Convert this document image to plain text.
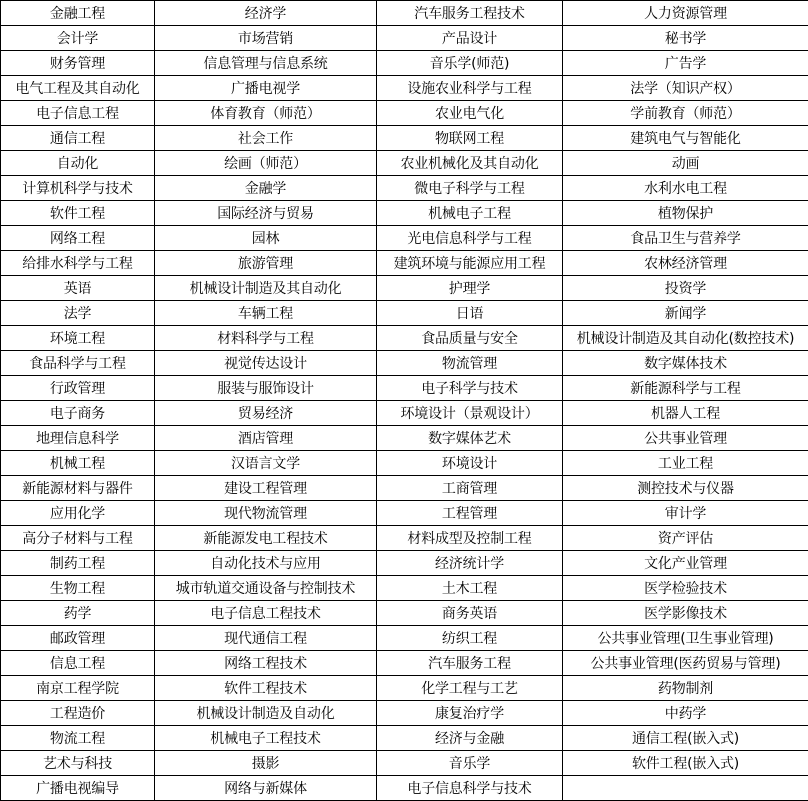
金融工程	经济学	汽车服务工程技术	人力资源管理
会计学	市场营销	产品设计	秘书学
财务管理	信息管理与信息系统	音乐学(师范)	广告学
电气工程及其自动化	广播电视学	设施农业科学与工程	法学（知识产权）
电子信息工程	体育教育（师范）	农业电气化	学前教育（师范）
通信工程	社会工作	物联网工程	建筑电气与智能化
自动化	绘画（师范）	农业机械化及其自动化	动画
计算机科学与技术	金融学	微电子科学与工程	水利水电工程
软件工程	国际经济与贸易	机械电子工程	植物保护
网络工程	园林	光电信息科学与工程	食品卫生与营养学
给排水科学与工程	旅游管理	建筑环境与能源应用工程	农林经济管理
英语	机械设计制造及其自动化	护理学	投资学
法学	车辆工程	日语	新闻学
环境工程	材料科学与工程	食品质量与安全	机械设计制造及其自动化(数控技术)
食品科学与工程	视觉传达设计	物流管理	数字媒体技术
行政管理	服装与服饰设计	电子科学与技术	新能源科学与工程
电子商务	贸易经济	环境设计（景观设计）	机器人工程
地理信息科学	酒店管理	数字媒体艺术	公共事业管理
机械工程	汉语言文学	环境设计	工业工程
新能源材料与器件	建设工程管理	工商管理	测控技术与仪器
应用化学	现代物流管理	工程管理	审计学
高分子材料与工程	新能源发电工程技术	材料成型及控制工程	资产评估
制药工程	自动化技术与应用	经济统计学	文化产业管理
生物工程	城市轨道交通设备与控制技术	土木工程	医学检验技术
药学	电子信息工程技术	商务英语	医学影像技术
邮政管理	现代通信工程	纺织工程	公共事业管理(卫生事业管理)
信息工程	网络工程技术	汽车服务工程	公共事业管理(医药贸易与管理)
南京工程学院	软件工程技术	化学工程与工艺	药物制剂
工程造价	机械设计制造及自动化	康复治疗学	中药学
物流工程	机械电子工程技术	经济与金融	通信工程(嵌入式)
艺术与科技	摄影	音乐学	软件工程(嵌入式)
广播电视编导	网络与新媒体	电子信息科学与技术	
